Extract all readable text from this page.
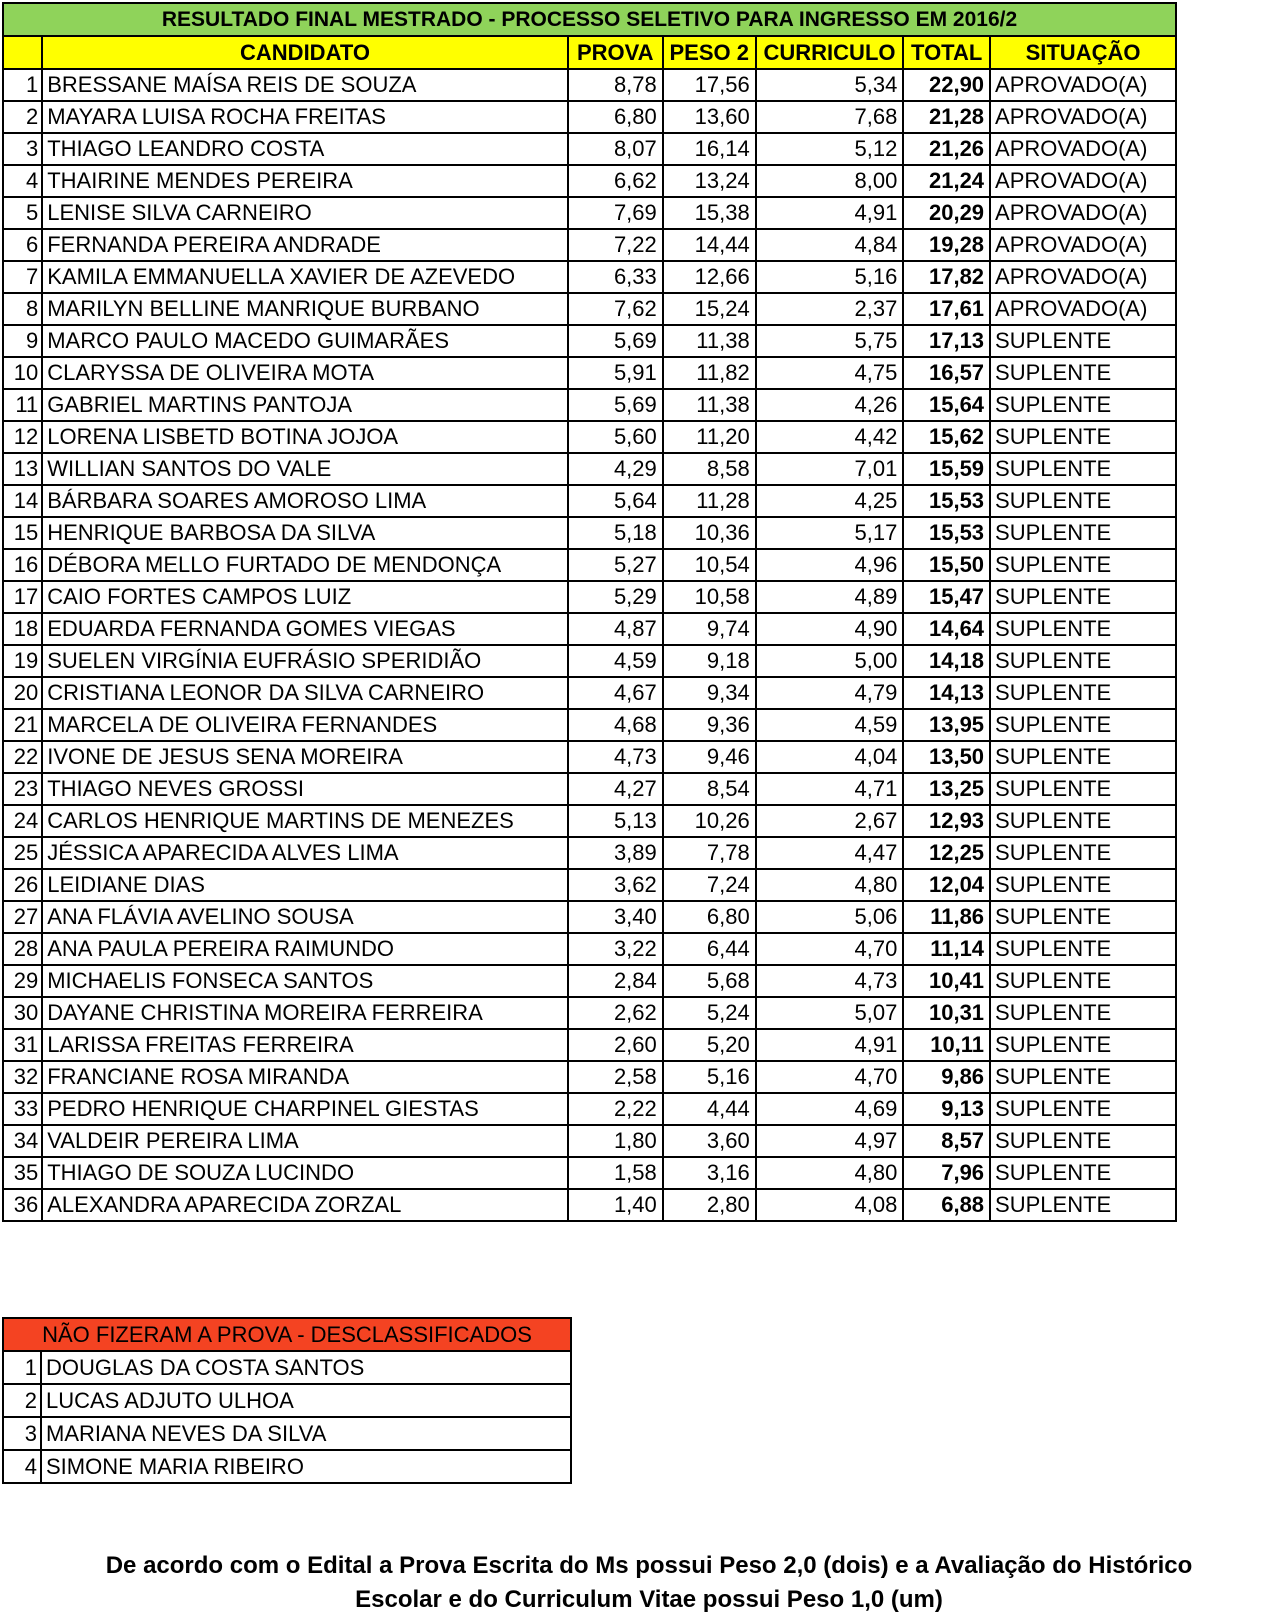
RESULTADO FINAL MESTRADO - PROCESSO SELETIVO PARA INGRESSO EM 2016/2						
	CANDIDATO	PROVA	PESO 2	CURRICULO	TOTAL	SITUAÇÃO
1	BRESSANE MAÍSA REIS DE SOUZA	8,78	17,56	5,34	22,90	APROVADO(A)
2	MAYARA LUISA ROCHA FREITAS	6,80	13,60	7,68	21,28	APROVADO(A)
3	THIAGO LEANDRO COSTA	8,07	16,14	5,12	21,26	APROVADO(A)
4	THAIRINE MENDES PEREIRA	6,62	13,24	8,00	21,24	APROVADO(A)
5	LENISE SILVA CARNEIRO	7,69	15,38	4,91	20,29	APROVADO(A)
6	FERNANDA PEREIRA ANDRADE	7,22	14,44	4,84	19,28	APROVADO(A)
7	KAMILA EMMANUELLA XAVIER DE AZEVEDO	6,33	12,66	5,16	17,82	APROVADO(A)
8	MARILYN BELLINE MANRIQUE BURBANO	7,62	15,24	2,37	17,61	APROVADO(A)
9	MARCO PAULO MACEDO GUIMARÃES	5,69	11,38	5,75	17,13	SUPLENTE
10	CLARYSSA DE OLIVEIRA MOTA	5,91	11,82	4,75	16,57	SUPLENTE
11	GABRIEL MARTINS PANTOJA	5,69	11,38	4,26	15,64	SUPLENTE
12	LORENA LISBETD BOTINA JOJOA	5,60	11,20	4,42	15,62	SUPLENTE
13	WILLIAN SANTOS DO VALE	4,29	8,58	7,01	15,59	SUPLENTE
14	BÁRBARA SOARES AMOROSO LIMA	5,64	11,28	4,25	15,53	SUPLENTE
15	HENRIQUE BARBOSA DA SILVA	5,18	10,36	5,17	15,53	SUPLENTE
16	DÉBORA MELLO FURTADO DE MENDONÇA	5,27	10,54	4,96	15,50	SUPLENTE
17	CAIO FORTES CAMPOS LUIZ	5,29	10,58	4,89	15,47	SUPLENTE
18	EDUARDA FERNANDA GOMES VIEGAS	4,87	9,74	4,90	14,64	SUPLENTE
19	SUELEN VIRGÍNIA EUFRÁSIO SPERIDIÃO	4,59	9,18	5,00	14,18	SUPLENTE
20	CRISTIANA LEONOR DA SILVA CARNEIRO	4,67	9,34	4,79	14,13	SUPLENTE
21	MARCELA DE OLIVEIRA FERNANDES	4,68	9,36	4,59	13,95	SUPLENTE
22	IVONE DE JESUS SENA MOREIRA	4,73	9,46	4,04	13,50	SUPLENTE
23	THIAGO NEVES GROSSI	4,27	8,54	4,71	13,25	SUPLENTE
24	CARLOS HENRIQUE MARTINS DE MENEZES	5,13	10,26	2,67	12,93	SUPLENTE
25	JÉSSICA APARECIDA ALVES LIMA	3,89	7,78	4,47	12,25	SUPLENTE
26	LEIDIANE DIAS	3,62	7,24	4,80	12,04	SUPLENTE
27	ANA FLÁVIA AVELINO SOUSA	3,40	6,80	5,06	11,86	SUPLENTE
28	ANA PAULA PEREIRA RAIMUNDO	3,22	6,44	4,70	11,14	SUPLENTE
29	MICHAELIS FONSECA SANTOS	2,84	5,68	4,73	10,41	SUPLENTE
30	DAYANE CHRISTINA MOREIRA FERREIRA	2,62	5,24	5,07	10,31	SUPLENTE
31	LARISSA FREITAS FERREIRA	2,60	5,20	4,91	10,11	SUPLENTE
32	FRANCIANE ROSA MIRANDA	2,58	5,16	4,70	9,86	SUPLENTE
33	PEDRO HENRIQUE CHARPINEL GIESTAS	2,22	4,44	4,69	9,13	SUPLENTE
34	VALDEIR PEREIRA LIMA	1,80	3,60	4,97	8,57	SUPLENTE
35	THIAGO DE SOUZA LUCINDO	1,58	3,16	4,80	7,96	SUPLENTE
36	ALEXANDRA APARECIDA ZORZAL	1,40	2,80	4,08	6,88	SUPLENTE
NÃO FIZERAM A PROVA - DESCLASSIFICADOS	
1	DOUGLAS DA COSTA SANTOS
2	LUCAS ADJUTO ULHOA
3	MARIANA NEVES DA SILVA
4	SIMONE MARIA RIBEIRO
De acordo com o Edital a Prova Escrita do Ms possui Peso 2,0 (dois) e a Avaliação do Histórico
Escolar e do Curriculum Vitae possui Peso 1,0 (um)
